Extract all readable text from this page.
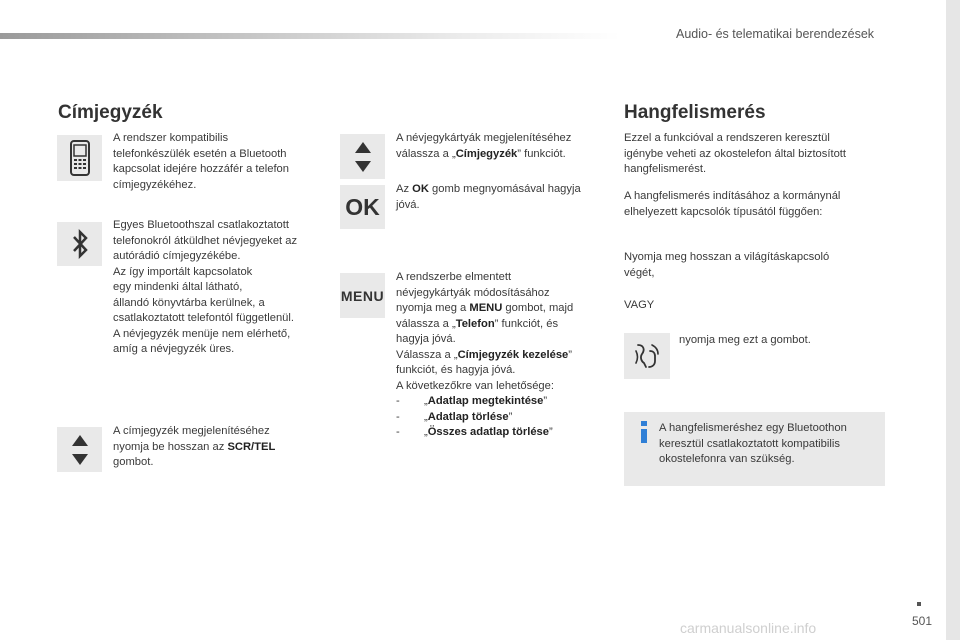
Audio- és telematikai berendezések
Címjegyzék
A rendszer kompatibilis
telefonkészülék esetén a Bluetooth
kapcsolat idejére hozzáfér a telefon
címjegyzékéhez.
Egyes Bluetoothszal csatlakoztatott
telefonokról átküldhet névjegyeket az
autórádió címjegyzékébe.
Az így importált kapcsolatok
egy mindenki által látható,
állandó könyvtárba kerülnek, a
csatlakoztatott telefontól függetlenül.
A névjegyzék menüje nem elérhető,
amíg a névjegyzék üres.
A címjegyzék megjelenítéséhez
nyomja be hosszan az SCR/TEL
gombot.
A névjegykártyák megjelenítéséhez
válassza a „Címjegyzék” funkciót.
OK
Az OK gomb megnyomásával hagyja
jóvá.
MENU
A rendszerbe elmentett
névjegykártyák módosításához
nyomja meg a MENU gombot, majd
válassza a „Telefon” funkciót, és
hagyja jóvá.
Válassza a „Címjegyzék kezelése”
funkciót, és hagyja jóvá.
A következőkre van lehetősége:
- „Adatlap megtekintése”
- „Adatlap törlése”
- „Összes adatlap törlése”
Hangfelismerés
Ezzel a funkcióval a rendszeren keresztül
igénybe veheti az okostelefon által biztosított
hangfelismerést.
A hangfelismerés indításához a kormánynál
elhelyezett kapcsolók típusától függően:
Nyomja meg hosszan a világításkapcsoló
végét,
VAGY
nyomja meg ezt a gombot.
A hangfelismeréshez egy Bluetoothon
keresztül csatlakoztatott kompatibilis
okostelefonra van szükség.
501
carmanualsonline.info
